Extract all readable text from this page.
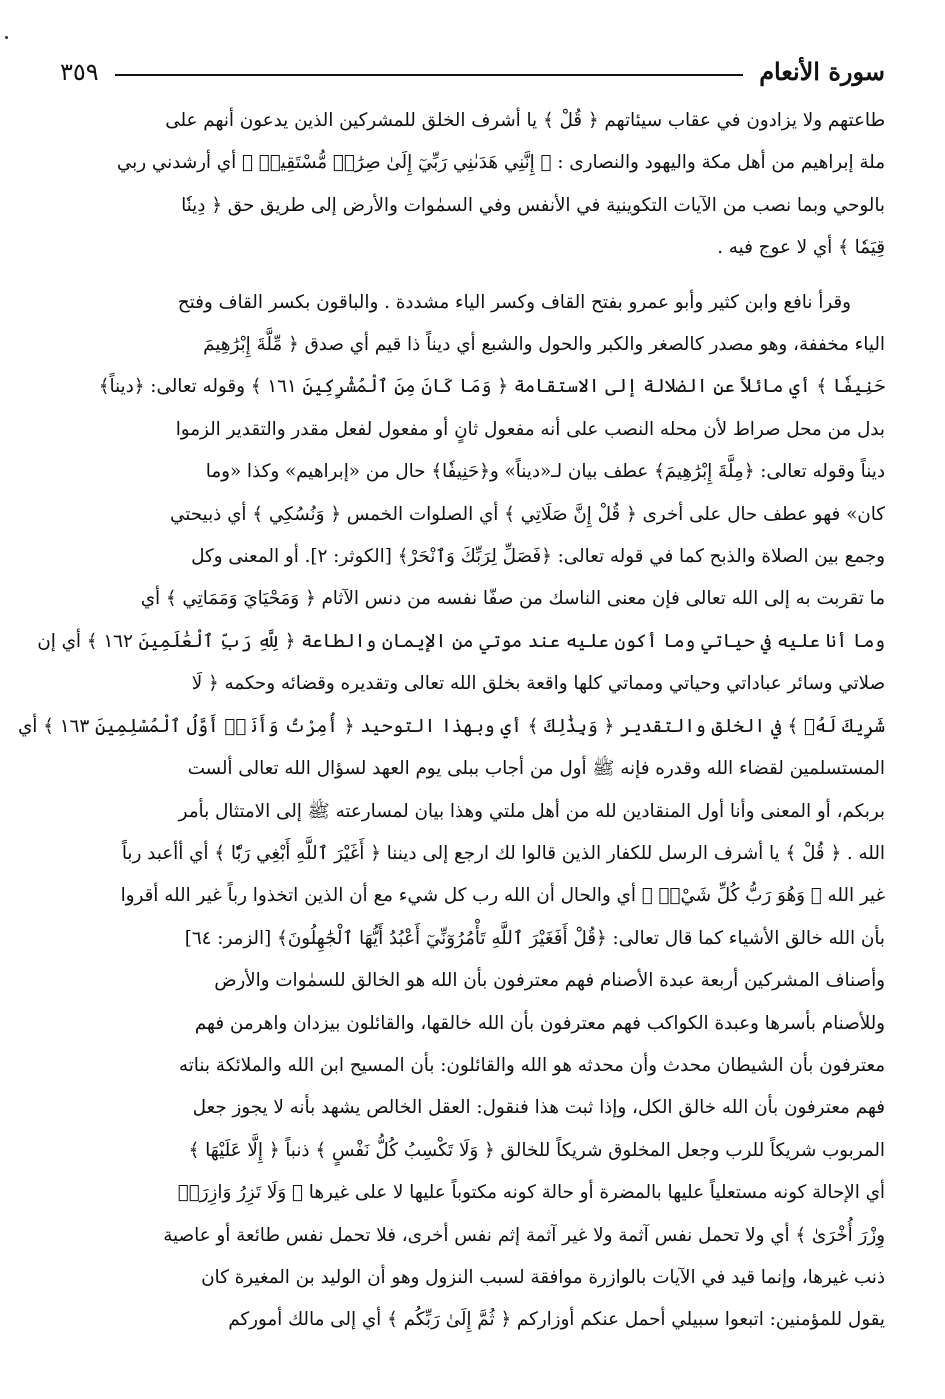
٣٥٩	سورة الأنعام
طاعتهم ولا يزادون في عقاب سيئاتهم ﴿ قُلْ ﴾ يا أشرف الخلق للمشركين الذين يدعون أنهم على
ملة إبراهيم من أهل مكة واليهود والنصارى : ﴿ إِنَّنِي هَدَىٰنِي رَبِّيٓ إِلَىٰ صِرَٰطٖ مُّسْتَقِيمٖ ﴾ أي أرشدني ربي
بالوحي وبما نصب من الآيات التكوينية في الأنفس وفي السمٰوات والأرض إلى طريق حق ﴿ دِينٗا
قِيَمٗا ﴾ أي لا عوج فيه .
وقرأ نافع وابن كثير وأبو عمرو بفتح القاف وكسر الياء مشددة . والباقون بكسر القاف وفتح
الياء مخففة، وهو مصدر كالصغر والكبر والحول والشبع أي ديناً ذا قيم أي صدق ﴿ مِّلَّةَ إِبْرَٰهِيمَ
حَنِيفٗا ﴾ أي مائلاً عن الضلالة إلى الاستقامة ﴿ وَمَا كَانَ مِنَ ٱلْمُشْرِكِينَ ١٦١ ﴾ وقوله تعالى: ﴿ديناً﴾
بدل من محل صراط لأن محله النصب على أنه مفعول ثانٍ أو مفعول لفعل مقدر والتقدير الزموا
ديناً وقوله تعالى: ﴿مِلَّةَ إِبْرَٰهِيمَ﴾ عطف بيان لـ«ديناً» و﴿حَنِيفٗا﴾ حال من «إبراهيم» وكذا «وما
كان» فهو عطف حال على أخرى ﴿ قُلْ إِنَّ صَلَاتِي ﴾ أي الصلوات الخمس ﴿ وَنُسُكِي ﴾ أي ذبيحتي
وجمع بين الصلاة والذبح كما في قوله تعالى: ﴿فَصَلِّ لِرَبِّكَ وَٱنْحَرْ﴾ [الكوثر: ٢]. أو المعنى وكل
ما تقربت به إلى الله تعالى فإن معنى الناسك من صفّا نفسه من دنس الآثام ﴿ وَمَحْيَايَ وَمَمَاتِي ﴾ أي
وما أنا عليه في حياتي وما أكون عليه عند موتي من الإيمان والطاعة ﴿ لِلَّهِ رَبِّ ٱلْعَٰلَمِينَ ١٦٢ ﴾ أي إن
صلاتي وسائر عباداتي وحياتي ومماتي كلها واقعة بخلق الله تعالى وتقديره وقضائه وحكمه ﴿ لَا
شَرِيكَ لَهُۥ ﴾ في الخلق والتقدير ﴿ وَبِذَٰلِكَ ﴾ أي وبهذا التوحيد ﴿ أُمِرْتُ وَأَنَا۠ أَوَّلُ ٱلْمُسْلِمِينَ ١٦٣ ﴾ أي
المستسلمين لقضاء الله وقدره فإنه ﷺ أول من أجاب ببلى يوم العهد لسؤال الله تعالى ألست
بربكم، أو المعنى وأنا أول المنقادين لله من أهل ملتي وهذا بيان لمسارعته ﷺ إلى الامتثال بأمر
الله . ﴿ قُلْ ﴾ يا أشرف الرسل للكفار الذين قالوا لك ارجع إلى ديننا ﴿ أَغَيْرَ ٱللَّهِ أَبْغِي رَبّٗا ﴾ أي أأعبد رباً
غير الله ﴿ وَهُوَ رَبُّ كُلِّ شَيْءٖ ﴾ أي والحال أن الله رب كل شيء مع أن الذين اتخذوا رباً غير الله أقروا
بأن الله خالق الأشياء كما قال تعالى: ﴿قُلْ أَفَغَيْرَ ٱللَّهِ تَأْمُرُوٓنِّيٓ أَعْبُدُ أَيُّهَا ٱلْجَٰهِلُونَ﴾ [الزمر: ٦٤]
وأصناف المشركين أربعة عبدة الأصنام فهم معترفون بأن الله هو الخالق للسمٰوات والأرض
وللأصنام بأسرها وعبدة الكواكب فهم معترفون بأن الله خالقها، والقائلون بيزدان واهرمن فهم
معترفون بأن الشيطان محدث وأن محدثه هو الله والقائلون: بأن المسيح ابن الله والملائكة بناته
فهم معترفون بأن الله خالق الكل، وإذا ثبت هذا فنقول: العقل الخالص يشهد بأنه لا يجوز جعل
المربوب شريكاً للرب وجعل المخلوق شريكاً للخالق ﴿ وَلَا تَكْسِبُ كُلُّ نَفْسٍ ﴾ ذنباً ﴿ إِلَّا عَلَيْهَا ﴾
أي الإحالة كونه مستعلياً عليها بالمضرة أو حالة كونه مكتوباً عليها لا على غيرها ﴿ وَلَا تَزِرُ وَازِرَةٞ
وِزْرَ أُخْرَىٰ ﴾ أي ولا تحمل نفس آثمة ولا غير آثمة إثم نفس أخرى، فلا تحمل نفس طائعة أو عاصية
ذنب غيرها، وإنما قيد في الآيات بالوازرة موافقة لسبب النزول وهو أن الوليد بن المغيرة كان
يقول للمؤمنين: اتبعوا سبيلي أحمل عنكم أوزاركم ﴿ ثُمَّ إِلَىٰ رَبِّكُم ﴾ أي إلى مالك أموركم
